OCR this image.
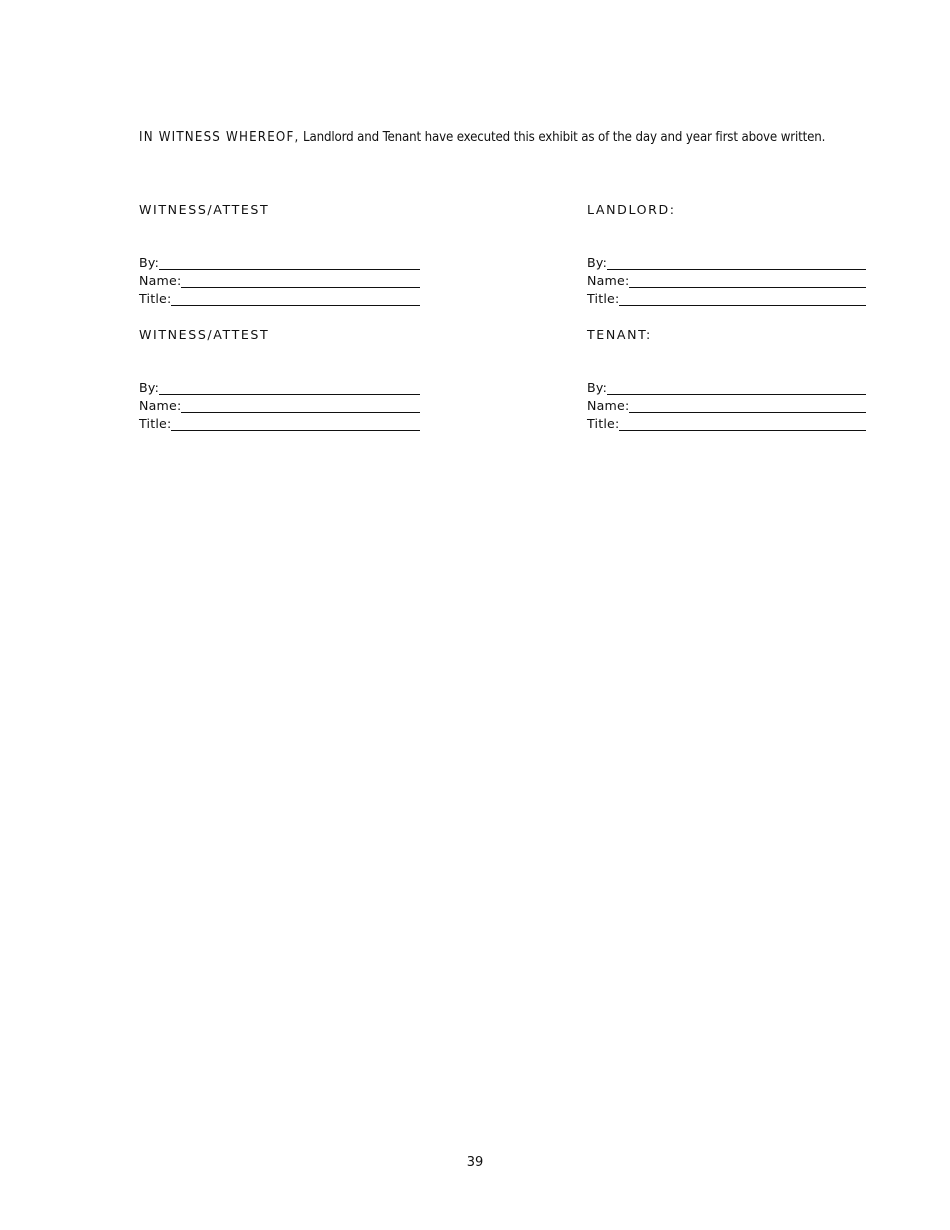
IN WITNESS WHEREOF, Landlord and Tenant have executed this exhibit as of the day and year first above written.

WITNESS/ATTEST
By:
Name:
Title:
LANDLORD:
By:
Name:
Title:
WITNESS/ATTEST
By:
Name:
Title:
TENANT:
By:
Name:
Title:
39
